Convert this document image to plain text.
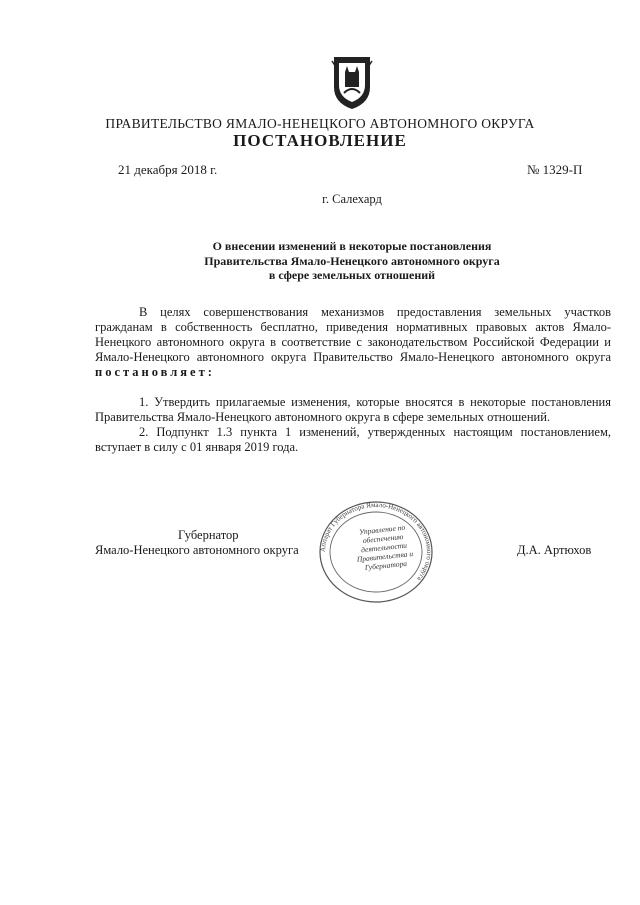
ПРАВИТЕЛЬСТВО ЯМАЛО-НЕНЕЦКОГО АВТОНОМНОГО ОКРУГА
ПОСТАНОВЛЕНИЕ
21 декабря 2018 г.	№ 1329-П
г. Салехард
О внесении изменений в некоторые постановления
Правительства Ямало-Ненецкого автономного округа
в сфере земельных отношений
В целях совершенствования механизмов предоставления земельных участков гражданам в собственность бесплатно, приведения нормативных правовых актов Ямало-Ненецкого автономного округа в соответствие с законодательством Российской Федерации и Ямало-Ненецкого автономного округа Правительство Ямало-Ненецкого автономного округа
постановляет:
1. Утвердить прилагаемые изменения, которые вносятся в некоторые постановления Правительства Ямало-Ненецкого автономного округа в сфере земельных отношений.
2. Подпункт 1.3 пункта 1 изменений, утвержденных настоящим постановлением, вступает в силу с 01 января 2019 года.
Губернатор
Ямало-Ненецкого автономного округа	Д.А. Артюхов
Аппарат Губернатора Ямало-Ненецкого автономного округа
Управление по обеспечению деятельности Правительства и Губернатора
